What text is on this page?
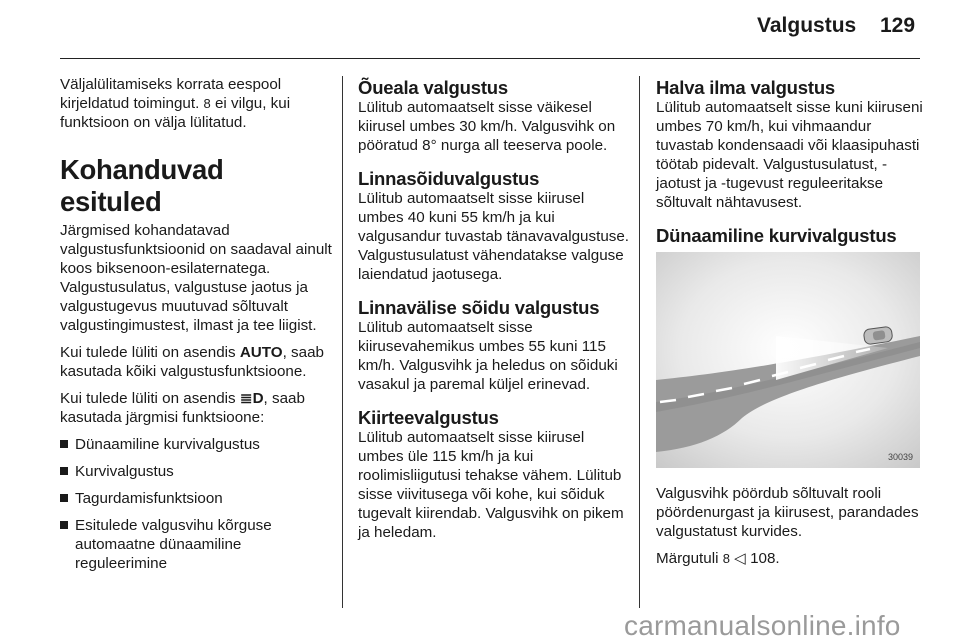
Valgustus 129

Väljalülitamiseks korrata eespool kirjeldatud toimingut. 8 ei vilgu, kui funktsioon on välja lülitatud.

Kohanduvad esituled

Järgmised kohandatavad valgustusfunktsioonid on saadaval ainult koos biksenoon-esilaternatega. Valgustusulatus, valgustuse jaotus ja valgustugevus muutuvad sõltuvalt valgustingimustest, ilmast ja tee liigist.

Kui tulede lüliti on asendis AUTO, saab kasutada kõiki valgustusfunktsioone.

Kui tulede lüliti on asendis ≣D, saab kasutada järgmisi funktsioone:

Dünaamiline kurvivalgustus
Kurvivalgustus
Tagurdamisfunktsioon
Esitulede valgusvihu kõrguse automaatne dünaamiline reguleerimine
Õueala valgustus

Lülitub automaatselt sisse väikesel kiirusel umbes 30 km/h. Valgusvihk on pööratud 8° nurga all teeserva poole.

Linnasõiduvalgustus

Lülitub automaatselt sisse kiirusel umbes 40 kuni 55 km/h ja kui valgusandur tuvastab tänavavalgustuse. Valgustusulatust vähendatakse valguse laiendatud jaotusega.

Linnavälise sõidu valgustus

Lülitub automaatselt sisse kiirusevahemikus umbes 55 kuni 115 km/h. Valgusvihk ja heledus on sõiduki vasakul ja paremal küljel erinevad.

Kiirteevalgustus

Lülitub automaatselt sisse kiirusel umbes üle 115 km/h ja kui roolimisliigutusi tehakse vähem. Lülitub sisse viivitusega või kohe, kui sõiduk tugevalt kiirendab. Valgusvihk on pikem ja heledam.

Halva ilma valgustus

Lülitub automaatselt sisse kuni kiiruseni umbes 70 km/h, kui vihmaandur tuvastab kondensaadi või klaasipuhasti töötab pidevalt. Valgustusulatust, -jaotust ja -tugevust reguleeritakse sõltuvalt nähtavusest.

Dünaamiline kurvivalgustus
30039

Valgusvihk pöördub sõltuvalt rooli pöördenurgast ja kiirusest, parandades valgustatust kurvides.

Märgutuli 8 ◁ 108.

carmanualsonline.info
